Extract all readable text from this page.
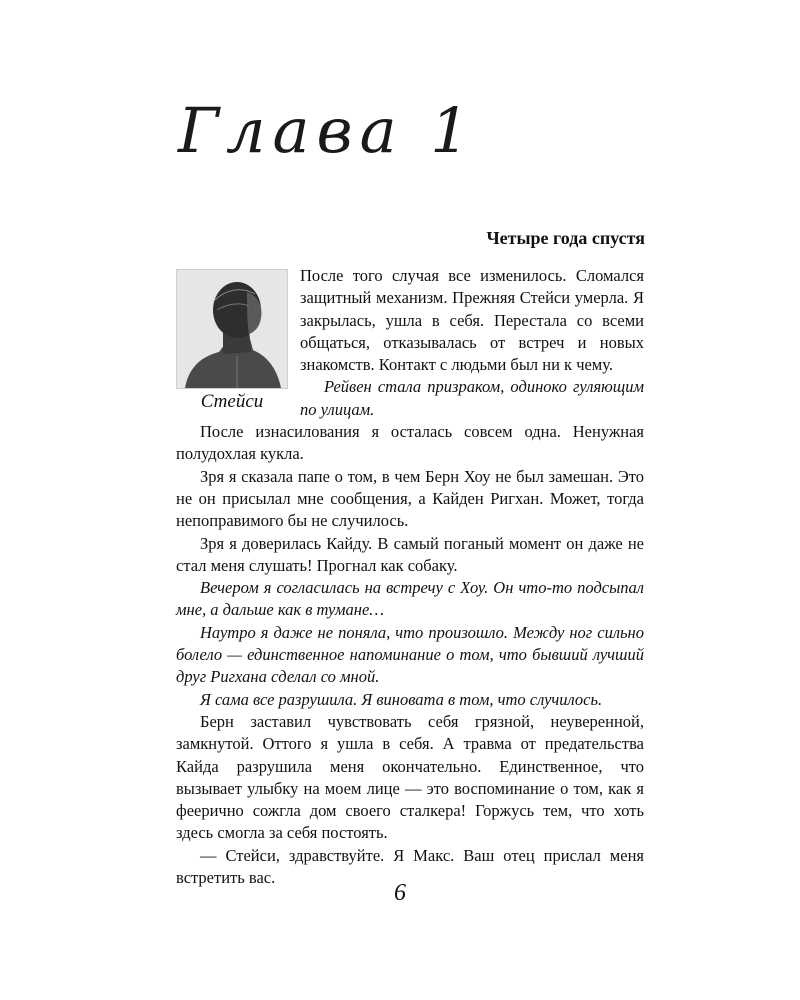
Глава 1
Четыре года спустя
Стейси

После того случая все изменилось. Сломался защитный механизм. Прежняя Стейси умерла. Я закрылась, ушла в себя. Перестала со всеми общаться, отказывалась от встреч и новых знакомств. Контакт с людьми был ни к чему.

Рейвен стала призраком, одиноко гуляющим по улицам.

После изнасилования я осталась совсем одна. Ненужная полудохлая кукла.

Зря я сказала папе о том, в чем Берн Хоу не был замешан. Это не он присылал мне сообщения, а Кайден Ригхан. Может, тогда непоправимого бы не случилось.

Зря я доверилась Кайду. В самый поганый момент он даже не стал меня слушать! Прогнал как собаку.

Вечером я согласилась на встречу с Хоу. Он что-то подсыпал мне, а дальше как в тумане…

Наутро я даже не поняла, что произошло. Между ног сильно болело — единственное напоминание о том, что бывший лучший друг Ригхана сделал со мной.

Я сама все разрушила. Я виновата в том, что случилось.

Берн заставил чувствовать себя грязной, неуверенной, замкнутой. Оттого я ушла в себя. А травма от предательства Кайда разрушила меня окончательно. Единственное, что вызывает улыбку на моем лице — это воспоминание о том, как я феерично сожгла дом своего сталкера! Горжусь тем, что хоть здесь смогла за себя постоять.

— Стейси, здравствуйте. Я Макс. Ваш отец прислал меня встретить вас.

6
